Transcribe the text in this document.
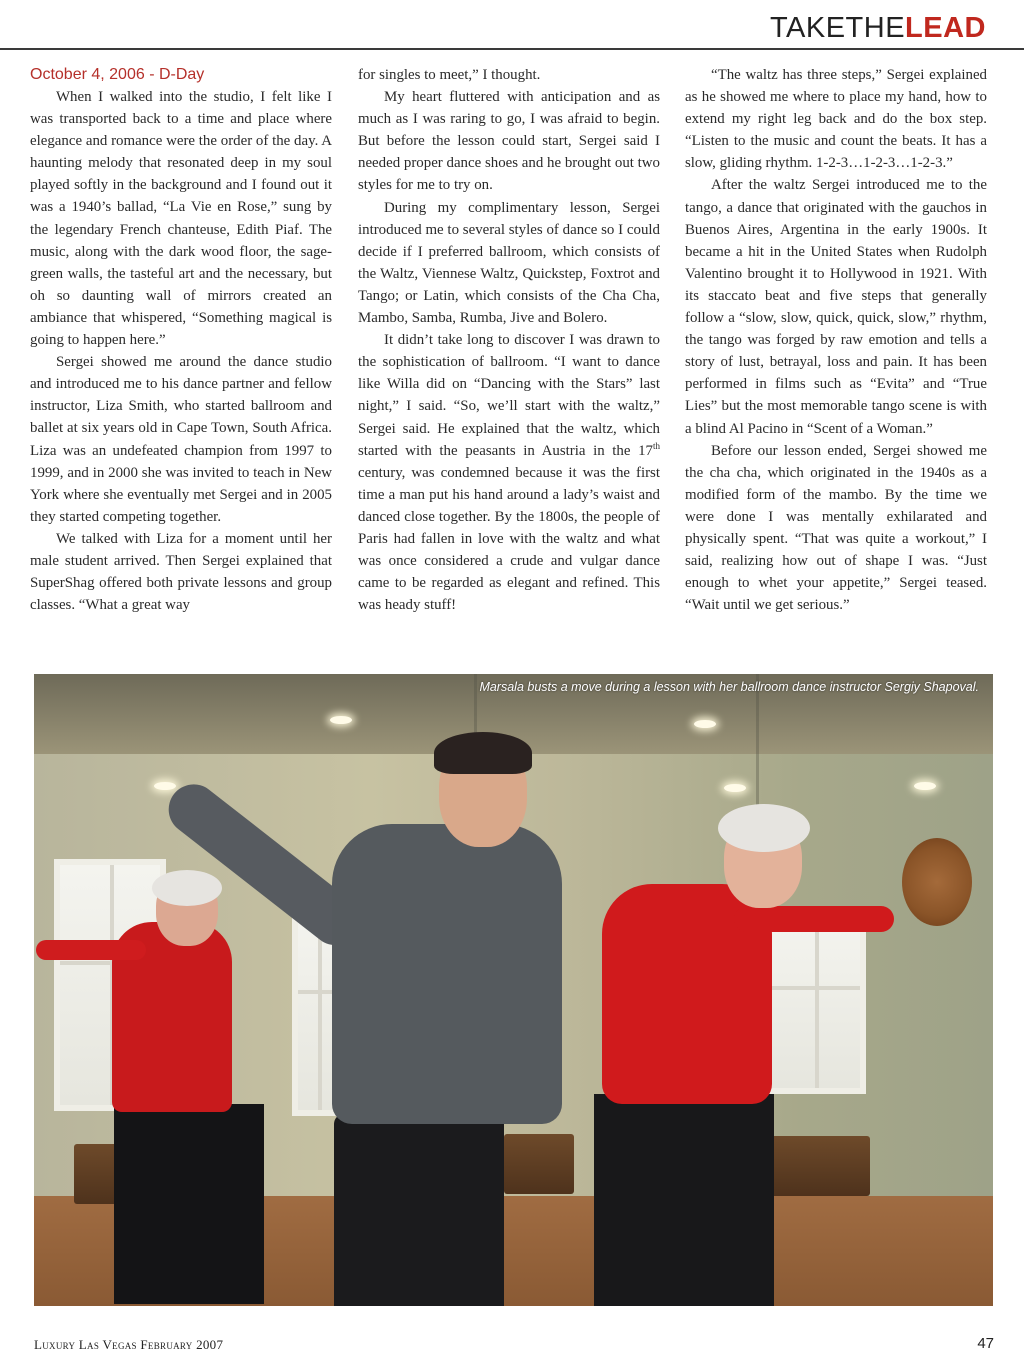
TAKETHELEAD
October 4, 2006 - D-Day

When I walked into the studio, I felt like I was transported back to a time and place where elegance and romance were the order of the day. A haunting melody that resonated deep in my soul played softly in the background and I found out it was a 1940’s ballad, “La Vie en Rose,” sung by the legendary French chanteuse, Edith Piaf. The music, along with the dark wood floor, the sage-green walls, the tasteful art and the necessary, but oh so daunting wall of mirrors created an ambiance that whispered, “Something magical is going to happen here.”

Sergei showed me around the dance studio and introduced me to his dance partner and fellow instructor, Liza Smith, who started ballroom and ballet at six years old in Cape Town, South Africa. Liza was an undefeated champion from 1997 to 1999, and in 2000 she was invited to teach in New York where she eventually met Sergei and in 2005 they started competing together.

We talked with Liza for a moment until her male student arrived. Then Sergei explained that SuperShag offered both private lessons and group classes. “What a great way

for singles to meet,” I thought.

My heart fluttered with anticipation and as much as I was raring to go, I was afraid to begin. But before the lesson could start, Sergei said I needed proper dance shoes and he brought out two styles for me to try on.

During my complimentary lesson, Sergei introduced me to several styles of dance so I could decide if I preferred ballroom, which consists of the Waltz, Viennese Waltz, Quickstep, Foxtrot and Tango; or Latin, which consists of the Cha Cha, Mambo, Samba, Rumba, Jive and Bolero.

It didn’t take long to discover I was drawn to the sophistication of ballroom. “I want to dance like Willa did on “Dancing with the Stars” last night,” I said. “So, we’ll start with the waltz,” Sergei said. He explained that the waltz, which started with the peasants in Austria in the 17th century, was condemned because it was the first time a man put his hand around a lady’s waist and danced close together. By the 1800s, the people of Paris had fallen in love with the waltz and what was once considered a crude and vulgar dance came to be regarded as elegant and refined. This was heady stuff!

“The waltz has three steps,” Sergei explained as he showed me where to place my hand, how to extend my right leg back and do the box step. “Listen to the music and count the beats. It has a slow, gliding rhythm. 1-2-3…1-2-3…1-2-3.”

After the waltz Sergei introduced me to the tango, a dance that originated with the gauchos in Buenos Aires, Argentina in the early 1900s. It became a hit in the United States when Rudolph Valentino brought it to Hollywood in 1921. With its staccato beat and five steps that generally follow a “slow, slow, quick, quick, slow,” rhythm, the tango was forged by raw emotion and tells a story of lust, betrayal, loss and pain. It has been performed in films such as “Evita” and “True Lies” but the most memorable tango scene is with a blind Al Pacino in “Scent of a Woman.”

Before our lesson ended, Sergei showed me the cha cha, which originated in the 1940s as a modified form of the mambo. By the time we were done I was mentally exhilarated and physically spent. “That was quite a workout,” I said, realizing how out of shape I was. “Just enough to whet your appetite,” Sergei teased. “Wait until we get serious.”

Marsala busts a move during a lesson with her ballroom dance instructor Sergiy Shapoval.
Luxury Las Vegas February 2007	47
